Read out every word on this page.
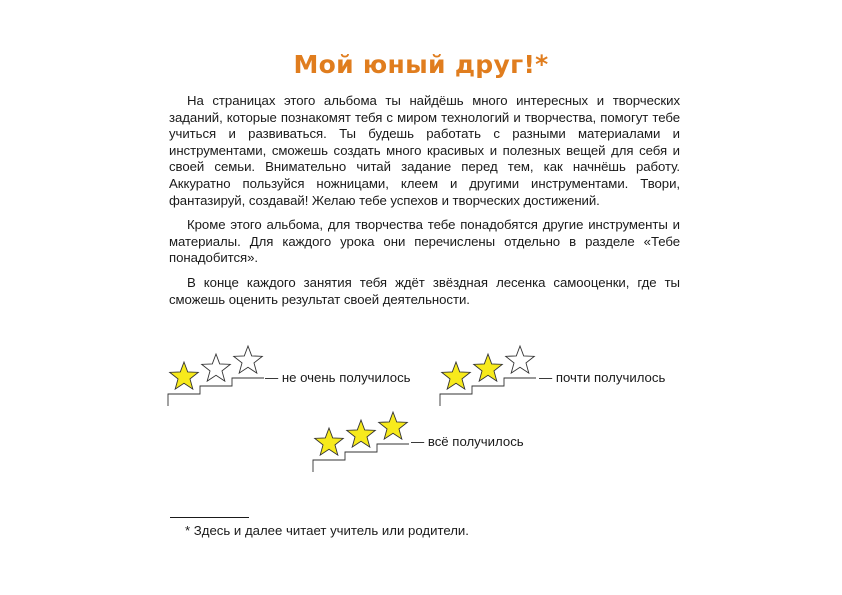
Мой юный друг!*

На страницах этого альбома ты найдёшь много интересных и творческих заданий, которые познакомят тебя с миром технологий и творчества, помогут тебе учиться и развиваться. Ты будешь работать с разными материалами и инструментами, сможешь создать много красивых и полезных вещей для себя и своей семьи. Внимательно читай задание перед тем, как начнёшь работу. Аккуратно пользуйся ножницами, клеем и другими инструментами. Твори, фантазируй, создавай! Желаю тебе успехов и творческих достижений.

Кроме этого альбома, для творчества тебе понадобятся другие инструменты и материалы. Для каждого урока они перечислены отдельно в разделе «Тебе понадобится».

В конце каждого занятия тебя ждёт звёздная лесенка самооценки, где ты сможешь оценить результат своей деятельности.

— не очень получилось	— почти получилось
— всё получилось
* Здесь и далее читает учитель или родители.
